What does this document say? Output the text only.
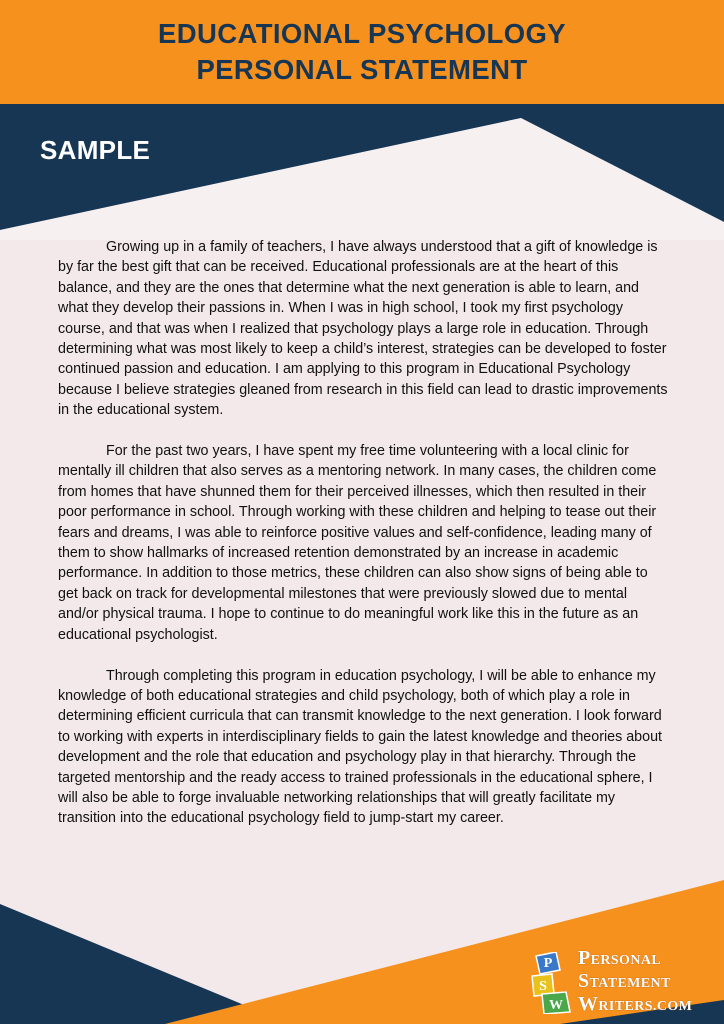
EDUCATIONAL PSYCHOLOGY
PERSONAL STATEMENT
SAMPLE

Growing up in a family of teachers, I have always understood that a gift of knowledge is by far the best gift that can be received. Educational professionals are at the heart of this balance, and they are the ones that determine what the next generation is able to learn, and what they develop their passions in. When I was in high school, I took my first psychology course, and that was when I realized that psychology plays a large role in education. Through determining what was most likely to keep a child’s interest, strategies can be developed to foster continued passion and education. I am applying to this program in Educational Psychology because I believe strategies gleaned from research in this field can lead to drastic improvements in the educational system.

For the past two years, I have spent my free time volunteering with a local clinic for mentally ill children that also serves as a mentoring network. In many cases, the children come from homes that have shunned them for their perceived illnesses, which then resulted in their poor performance in school. Through working with these children and helping to tease out their fears and dreams, I was able to reinforce positive values and self-confidence, leading many of them to show hallmarks of increased retention demonstrated by an increase in academic performance. In addition to those metrics, these children can also show signs of being able to get back on track for developmental milestones that were previously slowed due to mental and/or physical trauma. I hope to continue to do meaningful work like this in the future as an educational psychologist.

Through completing this program in education psychology, I will be able to enhance my knowledge of both educational strategies and child psychology, both of which play a role in determining efficient curricula that can transmit knowledge to the next generation. I look forward to working with experts in interdisciplinary fields to gain the latest knowledge and theories about development and the role that education and psychology play in that hierarchy. Through the targeted mentorship and the ready access to trained professionals in the educational sphere, I will also be able to forge invaluable networking relationships that will greatly facilitate my transition into the educational psychology field to jump-start my career.

P
S
W
PERSONAL
STATEMENT
WRITERS.COM
